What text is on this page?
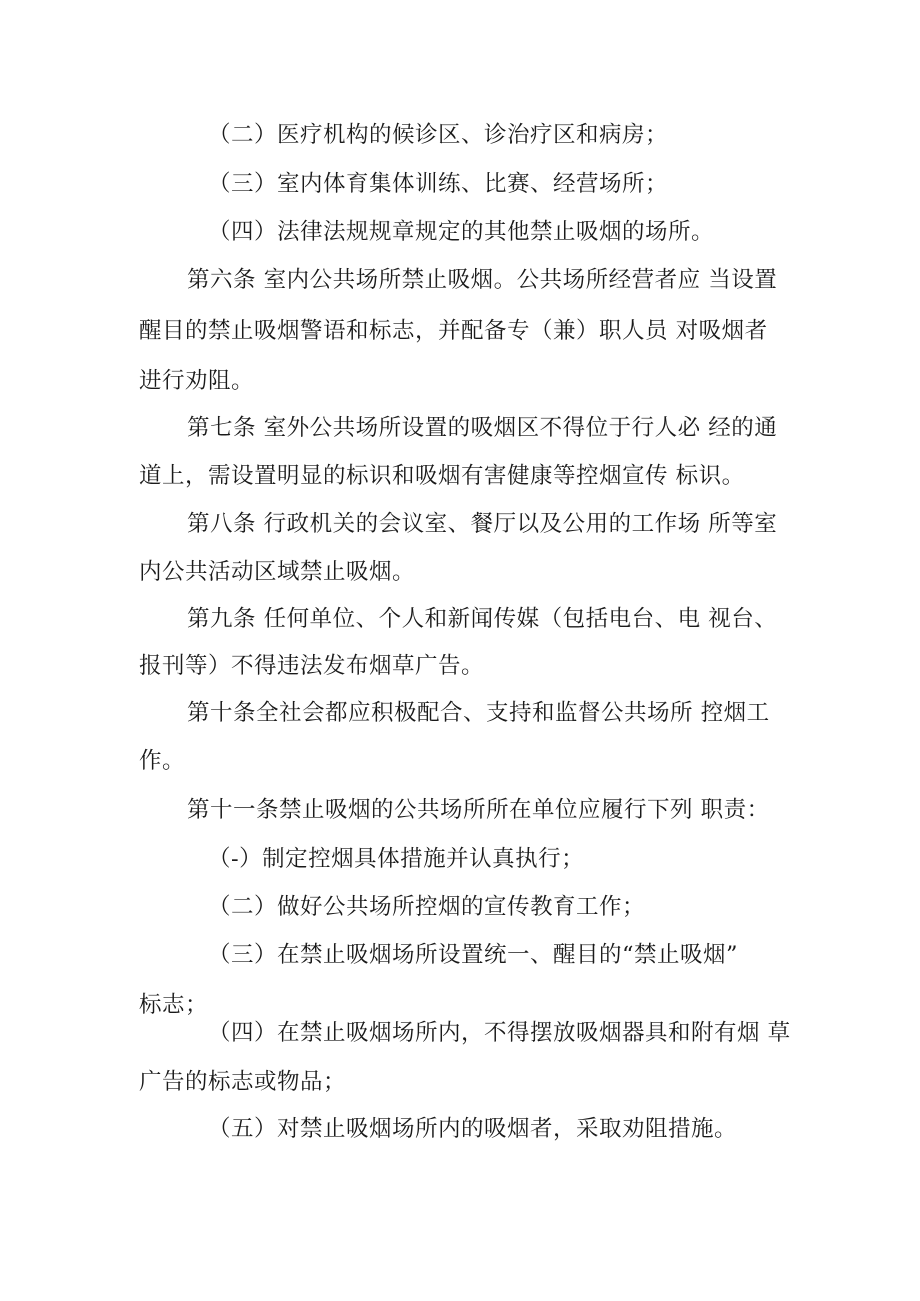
（二）医疗机构的候诊区、诊治疗区和病房；
（三）室内体育集体训练、比赛、经营场所；
（四）法律法规规章规定的其他禁止吸烟的场所。
第六条 室内公共场所禁止吸烟。公共场所经营者应 当设置
醒目的禁止吸烟警语和标志，并配备专（兼）职人员 对吸烟者
进行劝阻。
第七条 室外公共场所设置的吸烟区不得位于行人必 经的通
道上，需设置明显的标识和吸烟有害健康等控烟宣传 标识。
第八条 行政机关的会议室、餐厅以及公用的工作场 所等室
内公共活动区域禁止吸烟。
第九条 任何单位、个人和新闻传媒（包括电台、电 视台、
报刊等）不得违法发布烟草广告。
第十条全社会都应积极配合、支持和监督公共场所 控烟工
作。
第十一条禁止吸烟的公共场所所在单位应履行下列 职责：
（-）制定控烟具体措施并认真执行；
（二）做好公共场所控烟的宣传教育工作；
（三）在禁止吸烟场所设置统一、醒目的“禁止吸烟”
标志；
（四）在禁止吸烟场所内，不得摆放吸烟器具和附有烟 草
广告的标志或物品；
（五）对禁止吸烟场所内的吸烟者，采取劝阻措施。
